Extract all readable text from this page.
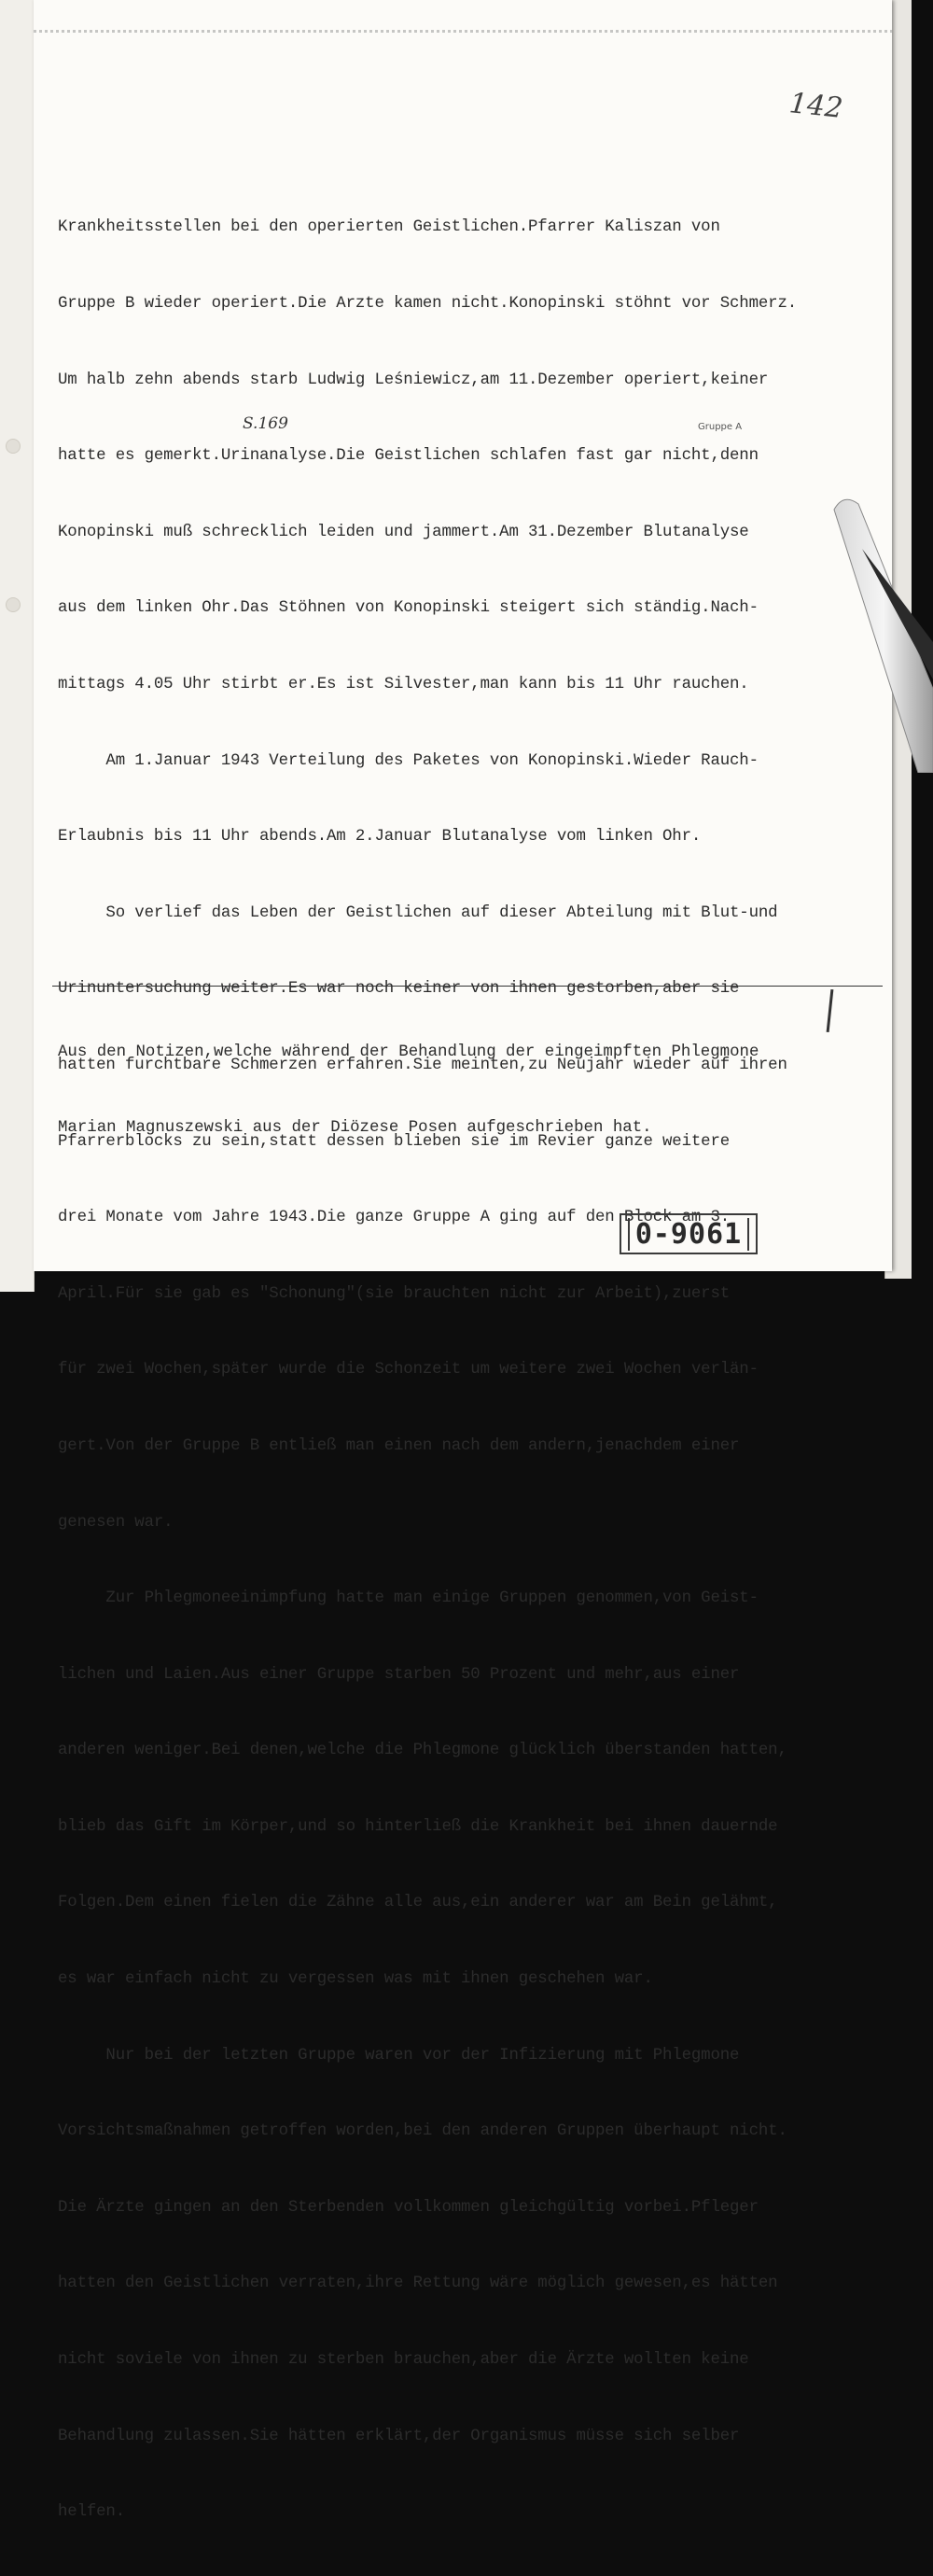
142

Krankheitsstellen bei den operierten Geistlichen.Pfarrer Kaliszan von

Gruppe B wieder operiert.Die Arzte kamen nicht.Konopinski stöhnt vor Schmerz.

Um halb zehn abends starb Ludwig Leśniewicz,am 11.Dezember operiert,keiner

hatte es gemerkt.Urinanalyse.Die Geistlichen schlafen fast gar nicht,denn

Konopinski muß schrecklich leiden und jammert.Am 31.Dezember Blutanalyse

aus dem linken Ohr.Das Stöhnen von Konopinski steigert sich ständig.Nach-

mittags 4.05 Uhr stirbt er.Es ist Silvester,man kann bis 11 Uhr rauchen.

Am 1.Januar 1943 Verteilung des Paketes von Konopinski.Wieder Rauch-

Erlaubnis bis 11 Uhr abends.Am 2.Januar Blutanalyse vom linken Ohr.

So verlief das Leben der Geistlichen auf dieser Abteilung mit Blut-und

Urinuntersuchung weiter.Es war noch keiner von ihnen gestorben,aber sie

hatten furchtbare Schmerzen erfahren.Sie meinten,zu Neujahr wieder auf ihren

Pfarrerblocks zu sein,statt dessen blieben sie im Revier ganze weitere

drei Monate vom Jahre 1943.Die ganze Gruppe A ging auf den Block am 3.

April.Für sie gab es "Schonung"(sie brauchten nicht zur Arbeit),zuerst

für zwei Wochen,später wurde die Schonzeit um weitere zwei Wochen verlän-

gert.Von der Gruppe B entließ man einen nach dem andern,jenachdem einer

genesen war.

Zur Phlegmoneeinimpfung hatte man einige Gruppen genommen,von Geist-

lichen und Laien.Aus einer Gruppe starben 50 Prozent und mehr,aus einer

anderen weniger.Bei denen,welche die Phlegmone glücklich überstanden hatten,

blieb das Gift im Körper,und so hinterließ die Krankheit bei ihnen dauernde

Folgen.Dem einen fielen die Zähne alle aus,ein anderer war am Bein gelähmt,

es war einfach nicht zu vergessen was mit ihnen geschehen war.

Nur bei der letzten Gruppe waren vor der Infizierung mit Phlegmone

Vorsichtsmaßnahmen getroffen worden,bei den anderen Gruppen überhaupt nicht.

Die Ärzte gingen an den Sterbenden vollkommen gleichgültig vorbei.Pfleger

hatten den Geistlichen verraten,ihre Rettung wäre möglich gewesen,es hätten

nicht soviele von ihnen zu sterben brauchen,aber die Ärzte wollten keine

Behandlung zulassen.Sie hätten erklärt,der Organismus müsse sich selber

helfen.

S.169	Gruppe A

Aus den Notizen,welche während der Behandlung der eingeimpften Phlegmone

Marian Magnuszewski aus der Diözese Posen aufgeschrieben hat.

0-9061
